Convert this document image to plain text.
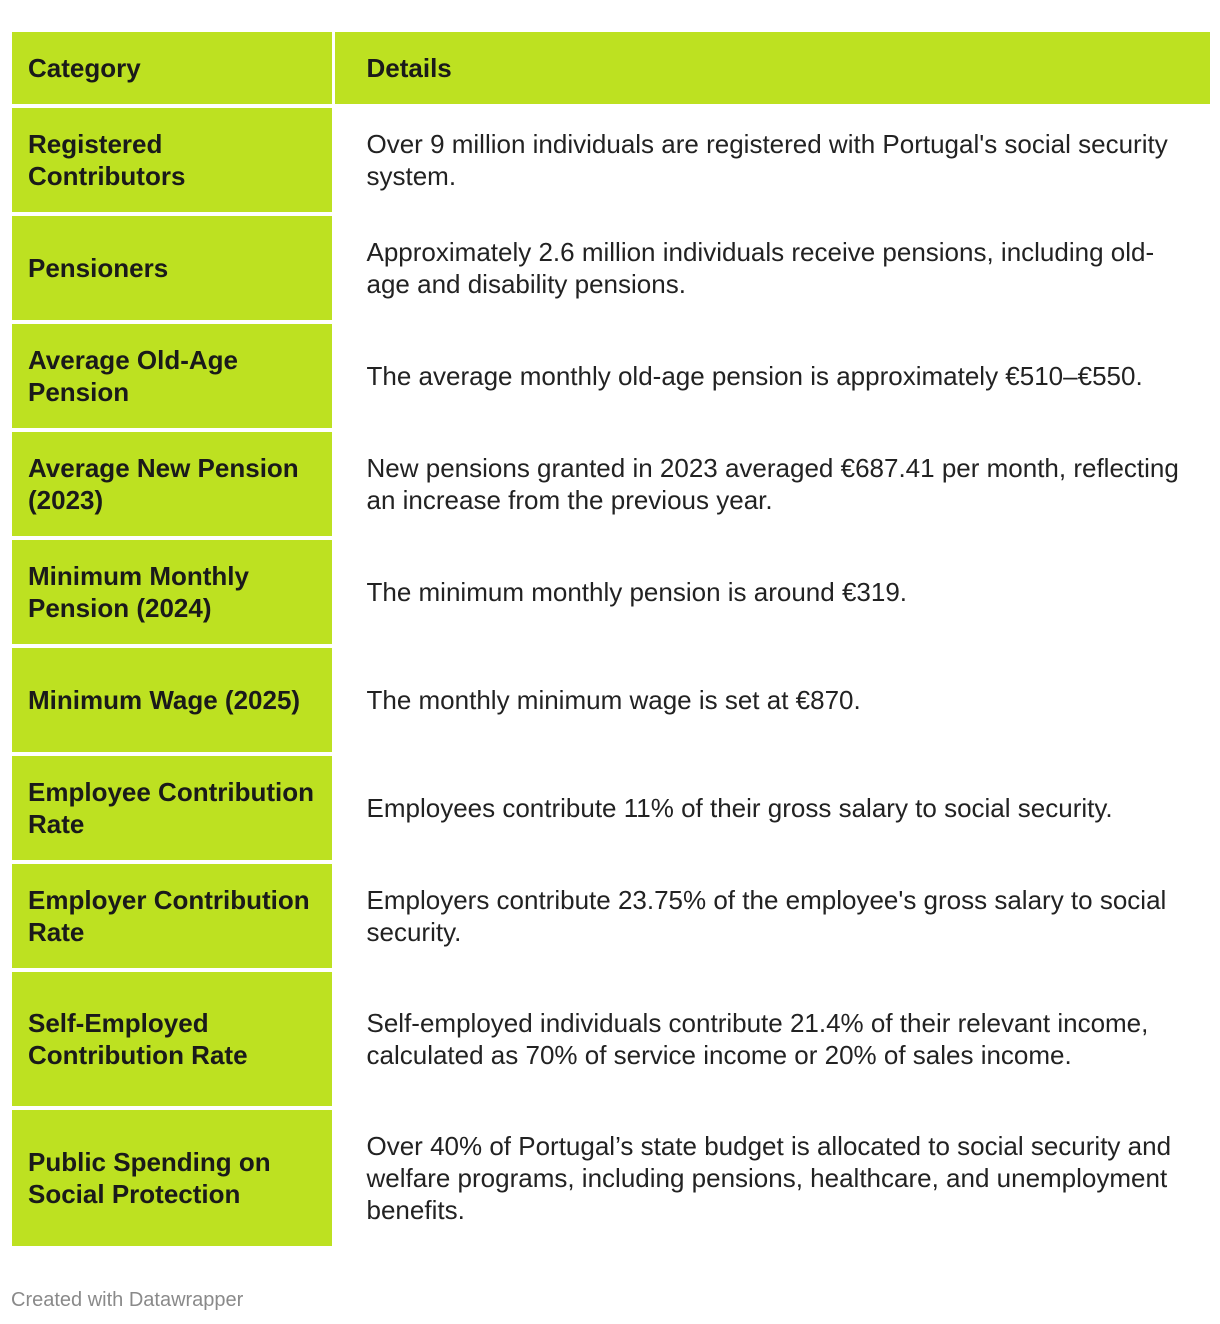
Category	Details
Registered Contributors	Over 9 million individuals are registered with Portugal's social security system.
Pensioners	Approximately 2.6 million individuals receive pensions, including old-age and disability pensions.
Average Old-Age Pension	The average monthly old-age pension is approximately €510–€550.
Average New Pension (2023)	New pensions granted in 2023 averaged €687.41 per month, reflecting an increase from the previous year.
Minimum Monthly Pension (2024)	The minimum monthly pension is around €319.
Minimum Wage (2025)	The monthly minimum wage is set at €870.
Employee Contribution Rate	Employees contribute 11% of their gross salary to social security.
Employer Contribution Rate	Employers contribute 23.75% of the employee's gross salary to social security.
Self-Employed Contribution Rate	Self-employed individuals contribute 21.4% of their relevant income, calculated as 70% of service income or 20% of sales income.
Public Spending on Social Protection	Over 40% of Portugal’s state budget is allocated to social security and welfare programs, including pensions, healthcare, and unemployment benefits.
Created with Datawrapper
